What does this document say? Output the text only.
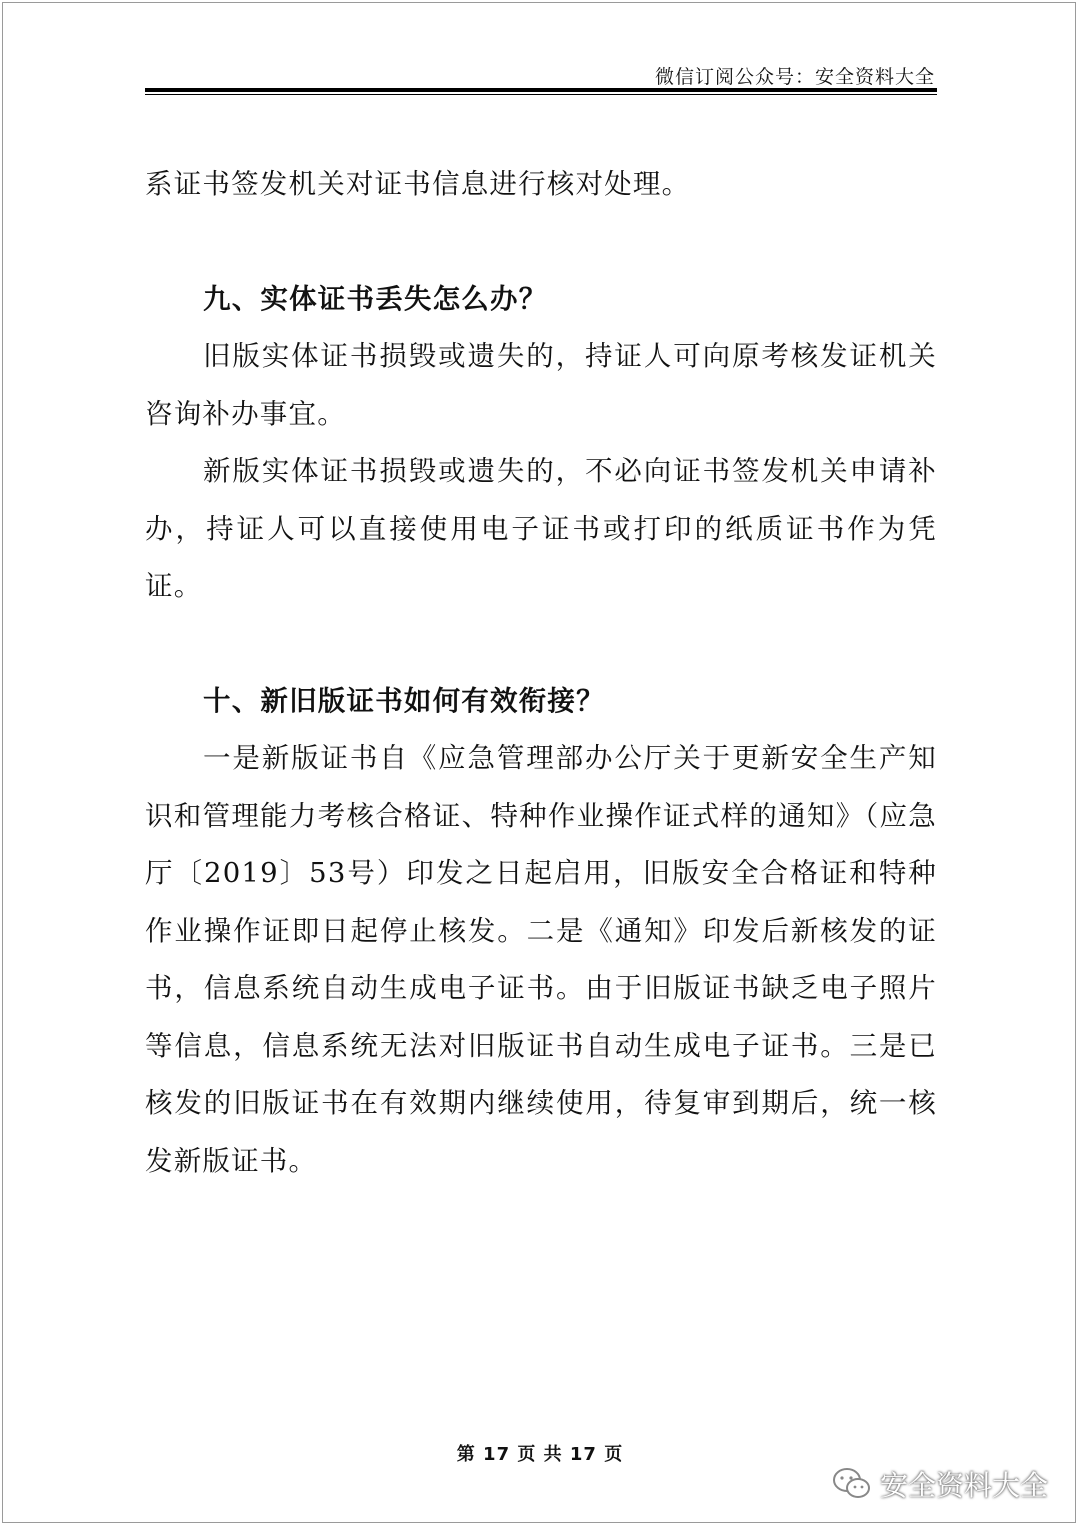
微信订阅公众号：安全资料大全

系证书签发机关对证书信息进行核对处理。

九、实体证书丢失怎么办？

旧版实体证书损毁或遗失的，持证人可向原考核发证机关咨询补办事宜。

新版实体证书损毁或遗失的，不必向证书签发机关申请补办，持证人可以直接使用电子证书或打印的纸质证书作为凭证。

十、新旧版证书如何有效衔接？

一是新版证书自《应急管理部办公厅关于更新安全生产知识和管理能力考核合格证、特种作业操作证式样的通知》（应急厅〔2019〕53号）印发之日起启用，旧版安全合格证和特种作业操作证即日起停止核发。二是《通知》印发后新核发的证书，信息系统自动生成电子证书。由于旧版证书缺乏电子照片等信息，信息系统无法对旧版证书自动生成电子证书。三是已核发的旧版证书在有效期内继续使用，待复审到期后，统一核发新版证书。

第 17 页 共 17 页
安全资料大全
